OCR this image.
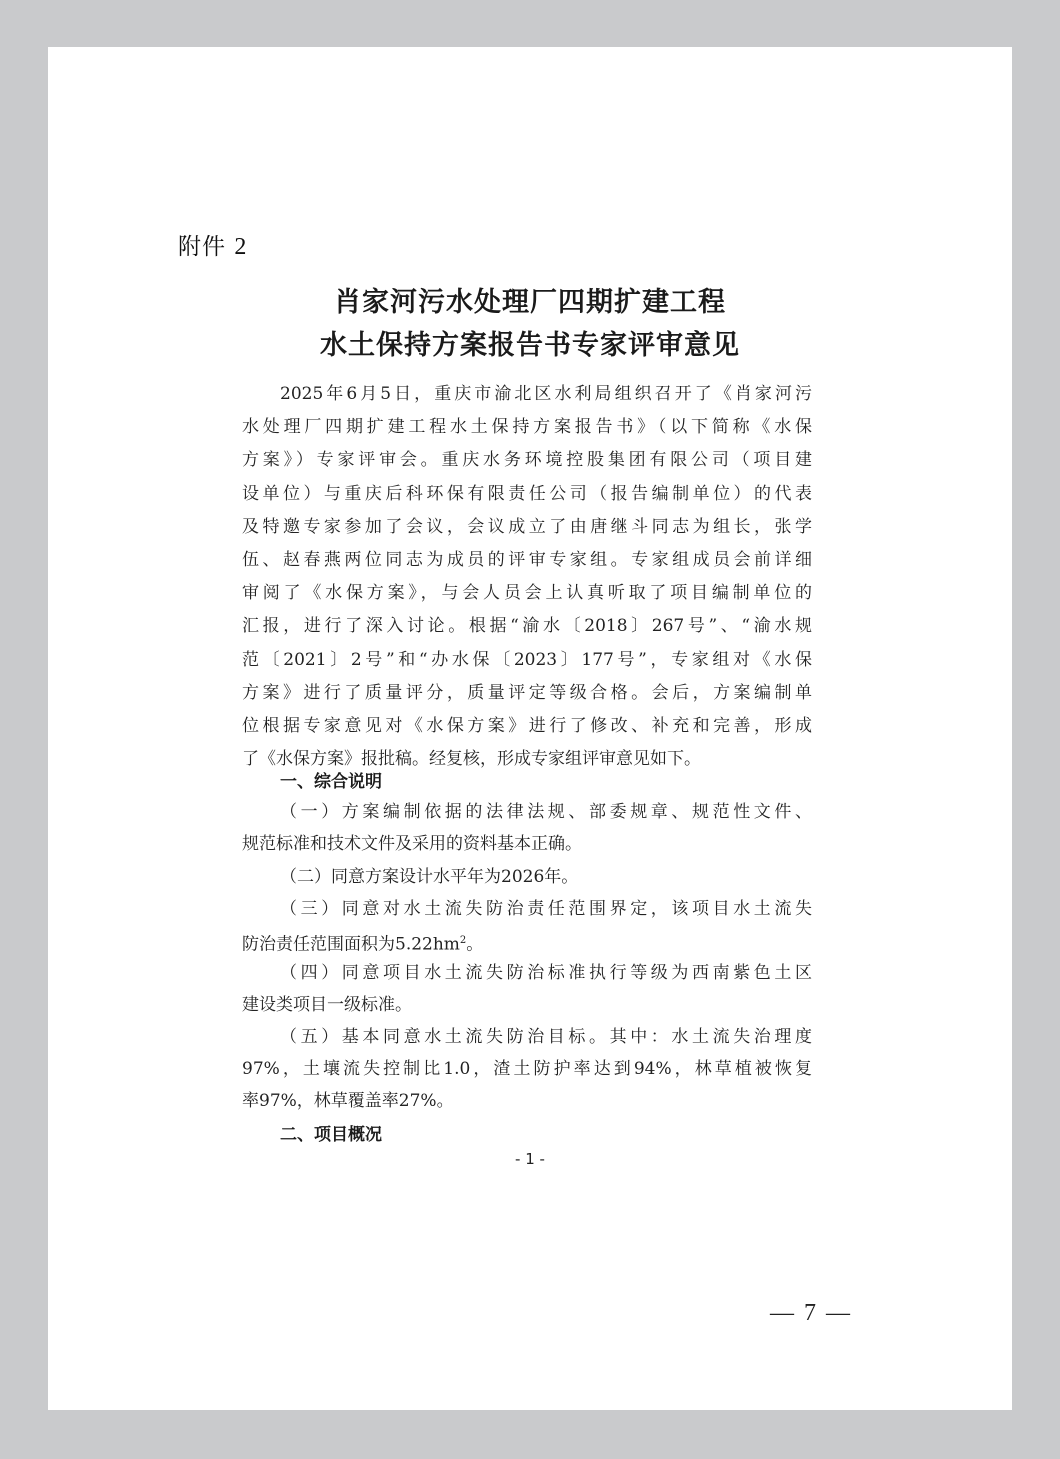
附件 2
肖家河污水处理厂四期扩建工程
水土保持方案报告书专家评审意见
2025年6月5日，重庆市渝北区水利局组织召开了《肖家河污
水处理厂四期扩建工程水土保持方案报告书》（以下简称《水保
方案》）专家评审会。重庆水务环境控股集团有限公司（项目建
设单位）与重庆后科环保有限责任公司（报告编制单位）的代表
及特邀专家参加了会议，会议成立了由唐继斗同志为组长，张学
伍、赵春燕两位同志为成员的评审专家组。专家组成员会前详细
审阅了《水保方案》，与会人员会上认真听取了项目编制单位的
汇报，进行了深入讨论。根据“渝水〔2018〕267号”、“渝水规
范〔2021〕2号”和“办水保〔2023〕177号”，专家组对《水保
方案》进行了质量评分，质量评定等级合格。会后，方案编制单
位根据专家意见对《水保方案》进行了修改、补充和完善，形成
了《水保方案》报批稿。经复核，形成专家组评审意见如下。
一、综合说明
（一）方案编制依据的法律法规、部委规章、规范性文件、
规范标准和技术文件及采用的资料基本正确。
（二）同意方案设计水平年为2026年。
（三）同意对水土流失防治责任范围界定，该项目水土流失
防治责任范围面积为$5.22hm^2$。
（四）同意项目水土流失防治标准执行等级为西南紫色土区
建设类项目一级标准。
（五）基本同意水土流失防治目标。其中：水土流失治理度
97%，土壤流失控制比1.0，渣土防护率达到94%，林草植被恢复
率97%，林草覆盖率27%。
二、项目概况
- 1 -
— 7 —
